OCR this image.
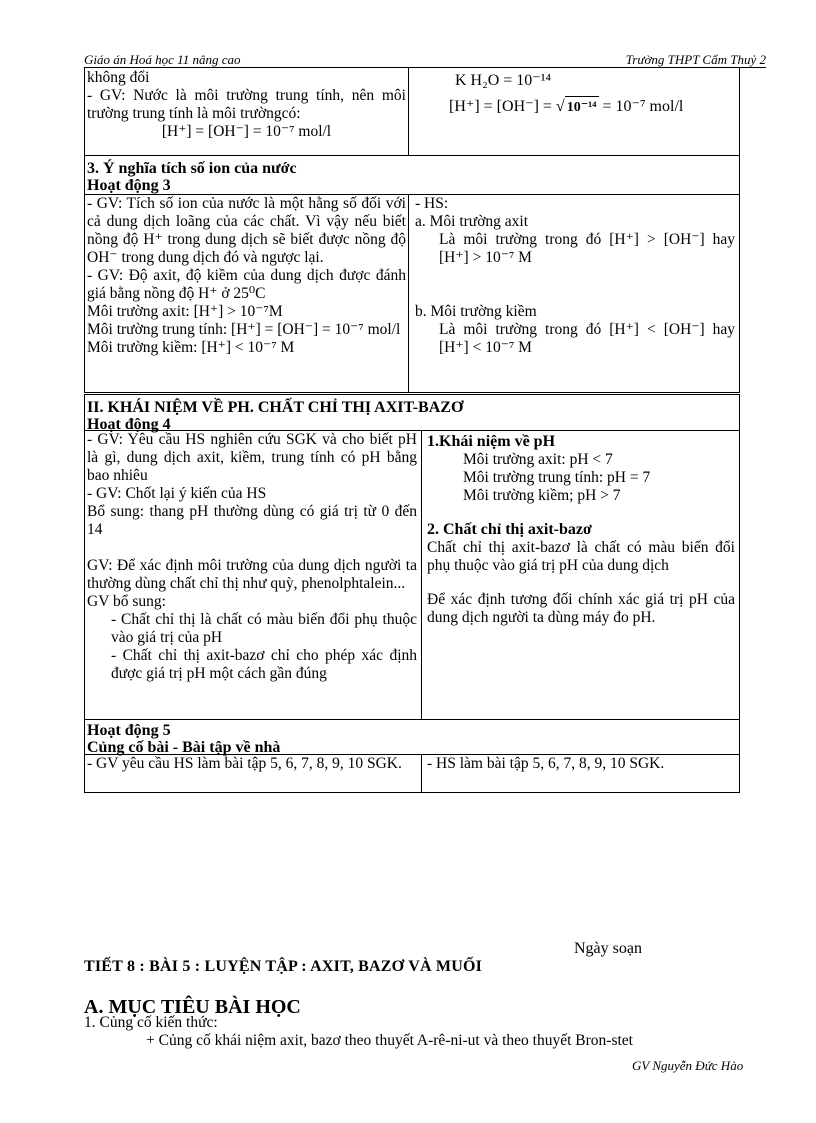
Giáo án Hoá học 11 nâng cao	Trường THPT Cẩm Thuỷ 2

không đổi

- GV: Nước là môi trường trung tính, nên môi trường trung tính là môi trườngcó:

[H⁺] = [OH⁻] = 10⁻⁷ mol/l

K H₂O = 10⁻¹⁴
[H⁺] = [OH⁻] = √ 10⁻¹⁴ = 10⁻⁷ mol/l
3. Ý nghĩa tích số ion của nước
Hoạt động 3

- GV: Tích số ion của nước là một hằng số đối với cả dung dịch loãng của các chất. Vì vậy nếu biết nồng độ H⁺ trong dung dịch sẽ biết được nồng độ OH⁻ trong dung dịch đó và ngược lại.

- GV: Độ axit, độ kiềm của dung dịch được đánh giá bằng nồng độ H⁺ ở 25⁰C

Môi trường axit: [H⁺] > 10⁻⁷M

Môi trường trung tính: [H⁺] = [OH⁻] = 10⁻⁷ mol/l

Môi trường kiềm: [H⁺] < 10⁻⁷ M

- HS:

a. Môi trường axit

Là môi trường trong đó [H⁺] > [OH⁻] hay [H⁺] > 10⁻⁷ M

b. Môi trường kiềm

Là môi trường trong đó [H⁺] < [OH⁻] hay [H⁺] < 10⁻⁷ M

II. KHÁI NIỆM VỀ PH. CHẤT CHỈ THỊ AXIT-BAZƠ
Hoạt động 4

- GV: Yêu cầu HS nghiên cứu SGK và cho biết pH là gì, dung dịch axit, kiềm, trung tính có pH bằng bao nhiêu

- GV: Chốt lại ý kiến của HS

Bổ sung: thang pH thường dùng có giá trị từ 0 đến 14

GV: Để xác định môi trường của dung dịch người ta thường dùng chất chỉ thị như quỳ, phenolphtalein...

GV bổ sung:

- Chất chỉ thị là chất có màu biến đổi phụ thuộc vào giá trị của pH

- Chất chỉ thị axit-bazơ chỉ cho phép xác định được giá trị pH một cách gần đúng

1.Khái niệm về pH

Môi trường axit: pH < 7

Môi trường trung tính: pH = 7

Môi trường kiềm; pH > 7

2. Chất chỉ thị axit-bazơ

Chất chỉ thị axit-bazơ là chất có màu biến đổi phụ thuộc vào giá trị pH của dung dịch

Để xác định tương đối chính xác giá trị pH của dung dịch người ta dùng máy đo pH.

Hoạt động 5
Củng cố bài - Bài tập về nhà

- GV yêu cầu HS làm bài tập 5, 6, 7, 8, 9, 10 SGK.	- HS làm bài tập 5, 6, 7, 8, 9, 10 SGK.

Ngày soạn
TIẾT 8 : BÀI 5 : LUYỆN TẬP : AXIT, BAZƠ VÀ MUỐI
A. MỤC TIÊU BÀI HỌC
1. Củng cố kiến thức:
+ Củng cố khái niệm axit, bazơ theo thuyết A-rê-ni-ut và theo thuyết Bron-stet
GV Nguyễn Đức Hào
